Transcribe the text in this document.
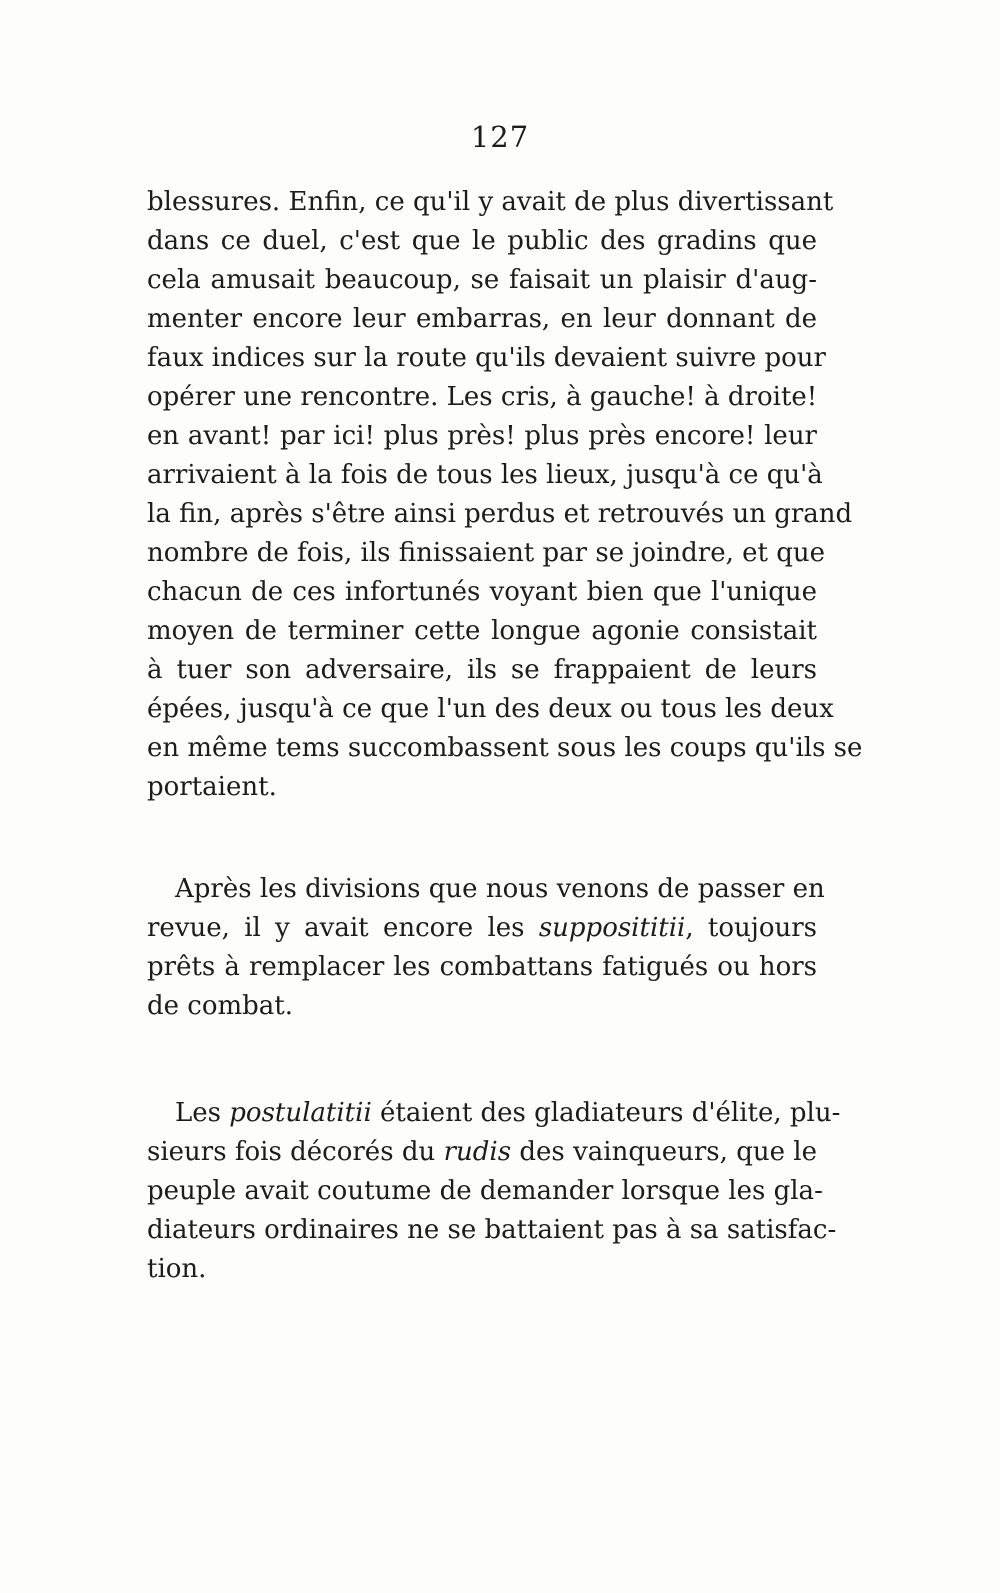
127
blessures. Enfin, ce qu'il y avait de plus divertissant
dans ce duel, c'est que le public des gradins que
cela amusait beaucoup, se faisait un plaisir d'aug-
menter encore leur embarras, en leur donnant de
faux indices sur la route qu'ils devaient suivre pour
opérer une rencontre. Les cris, à gauche! à droite!
en avant! par ici! plus près! plus près encore! leur
arrivaient à la fois de tous les lieux, jusqu'à ce qu'à
la fin, après s'être ainsi perdus et retrouvés un grand
nombre de fois, ils finissaient par se joindre, et que
chacun de ces infortunés voyant bien que l'unique
moyen de terminer cette longue agonie consistait
à tuer son adversaire, ils se frappaient de leurs
épées, jusqu'à ce que l'un des deux ou tous les deux
en même tems succombassent sous les coups qu'ils se
portaient.
Après les divisions que nous venons de passer en
revue, il y avait encore les supposititii, toujours
prêts à remplacer les combattans fatigués ou hors
de combat.
Les postulatitii étaient des gladiateurs d'élite, plu-
sieurs fois décorés du rudis des vainqueurs, que le
peuple avait coutume de demander lorsque les gla-
diateurs ordinaires ne se battaient pas à sa satisfac-
tion.
